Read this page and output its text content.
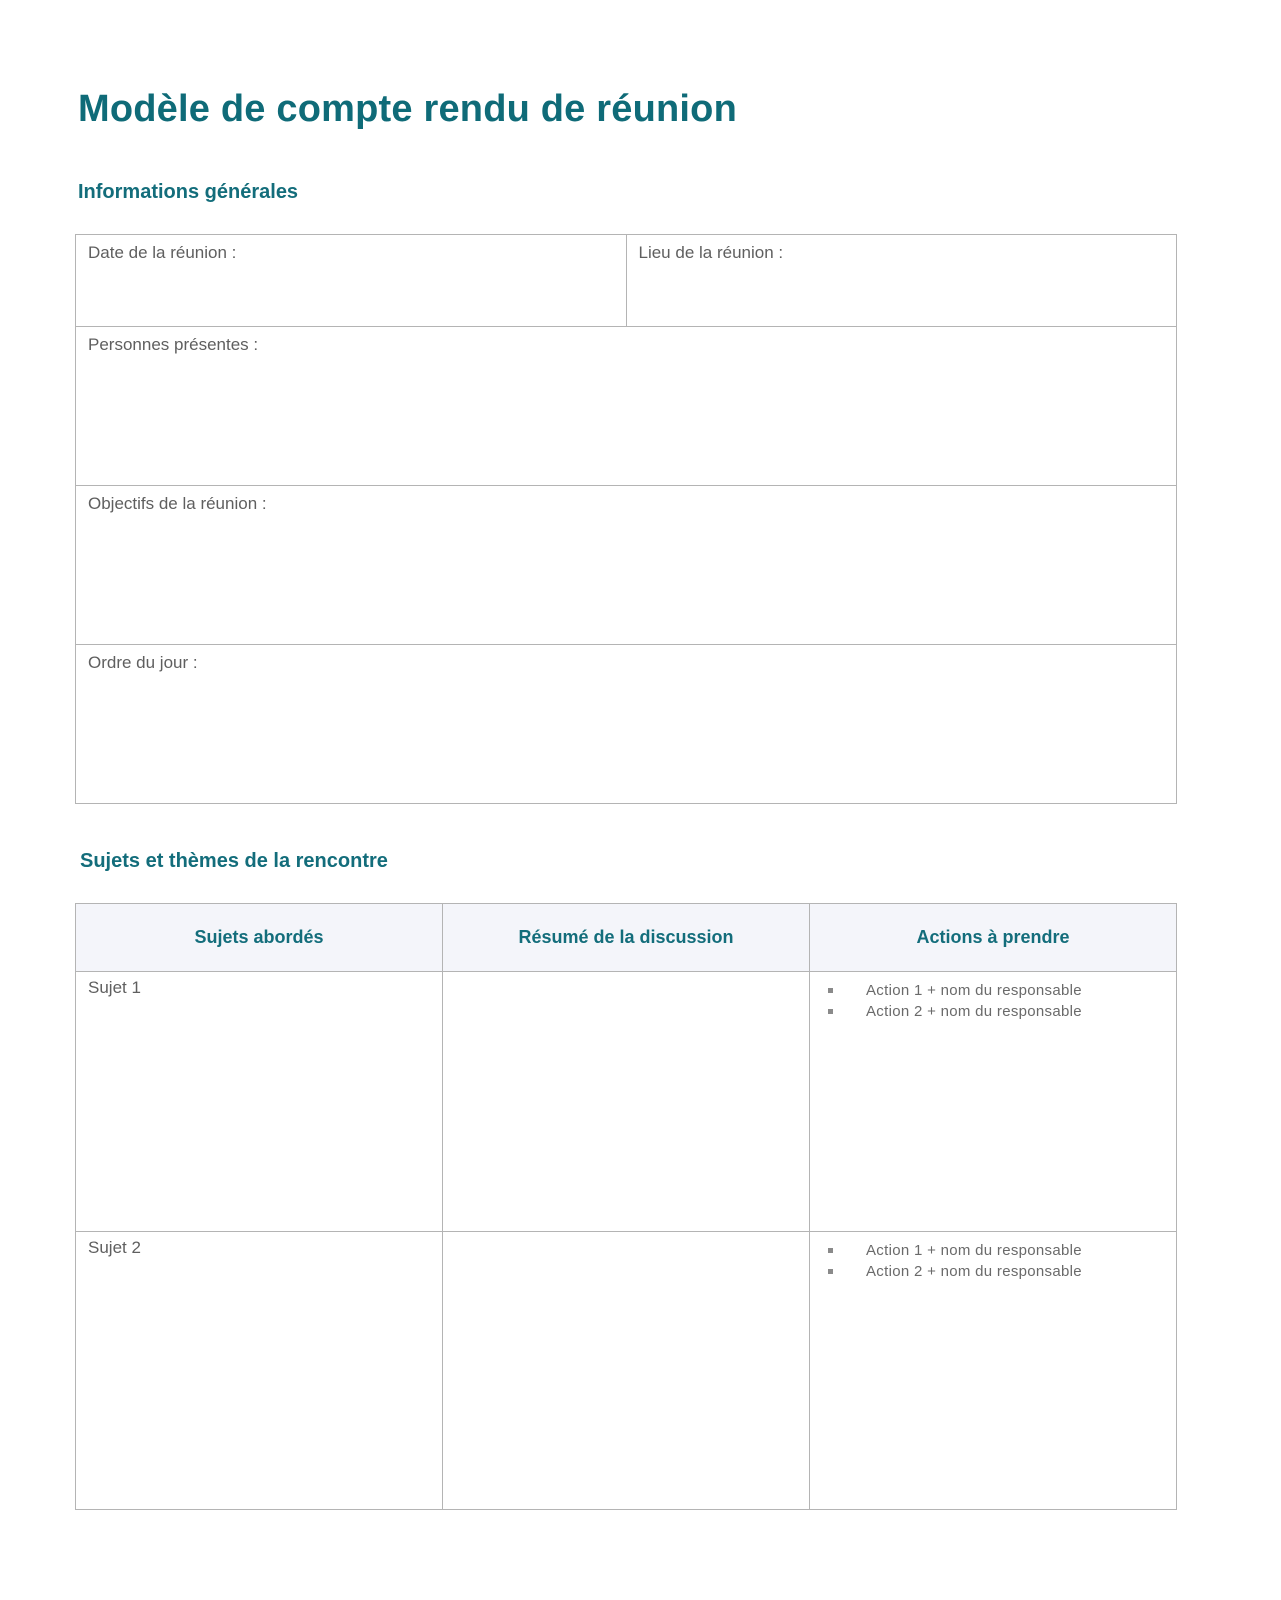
Modèle de compte rendu de réunion
Informations générales
Date de la réunion :	Lieu de la réunion :
Personnes présentes :
Objectifs de la réunion :
Ordre du jour :
Sujets et thèmes de la rencontre
Sujets abordés	Résumé de la discussion	Actions à prendre
Sujet 1		Action 1 + nom du responsable
Action 2 + nom du responsable

Sujet 2		Action 1 + nom du responsable
Action 2 + nom du responsable
